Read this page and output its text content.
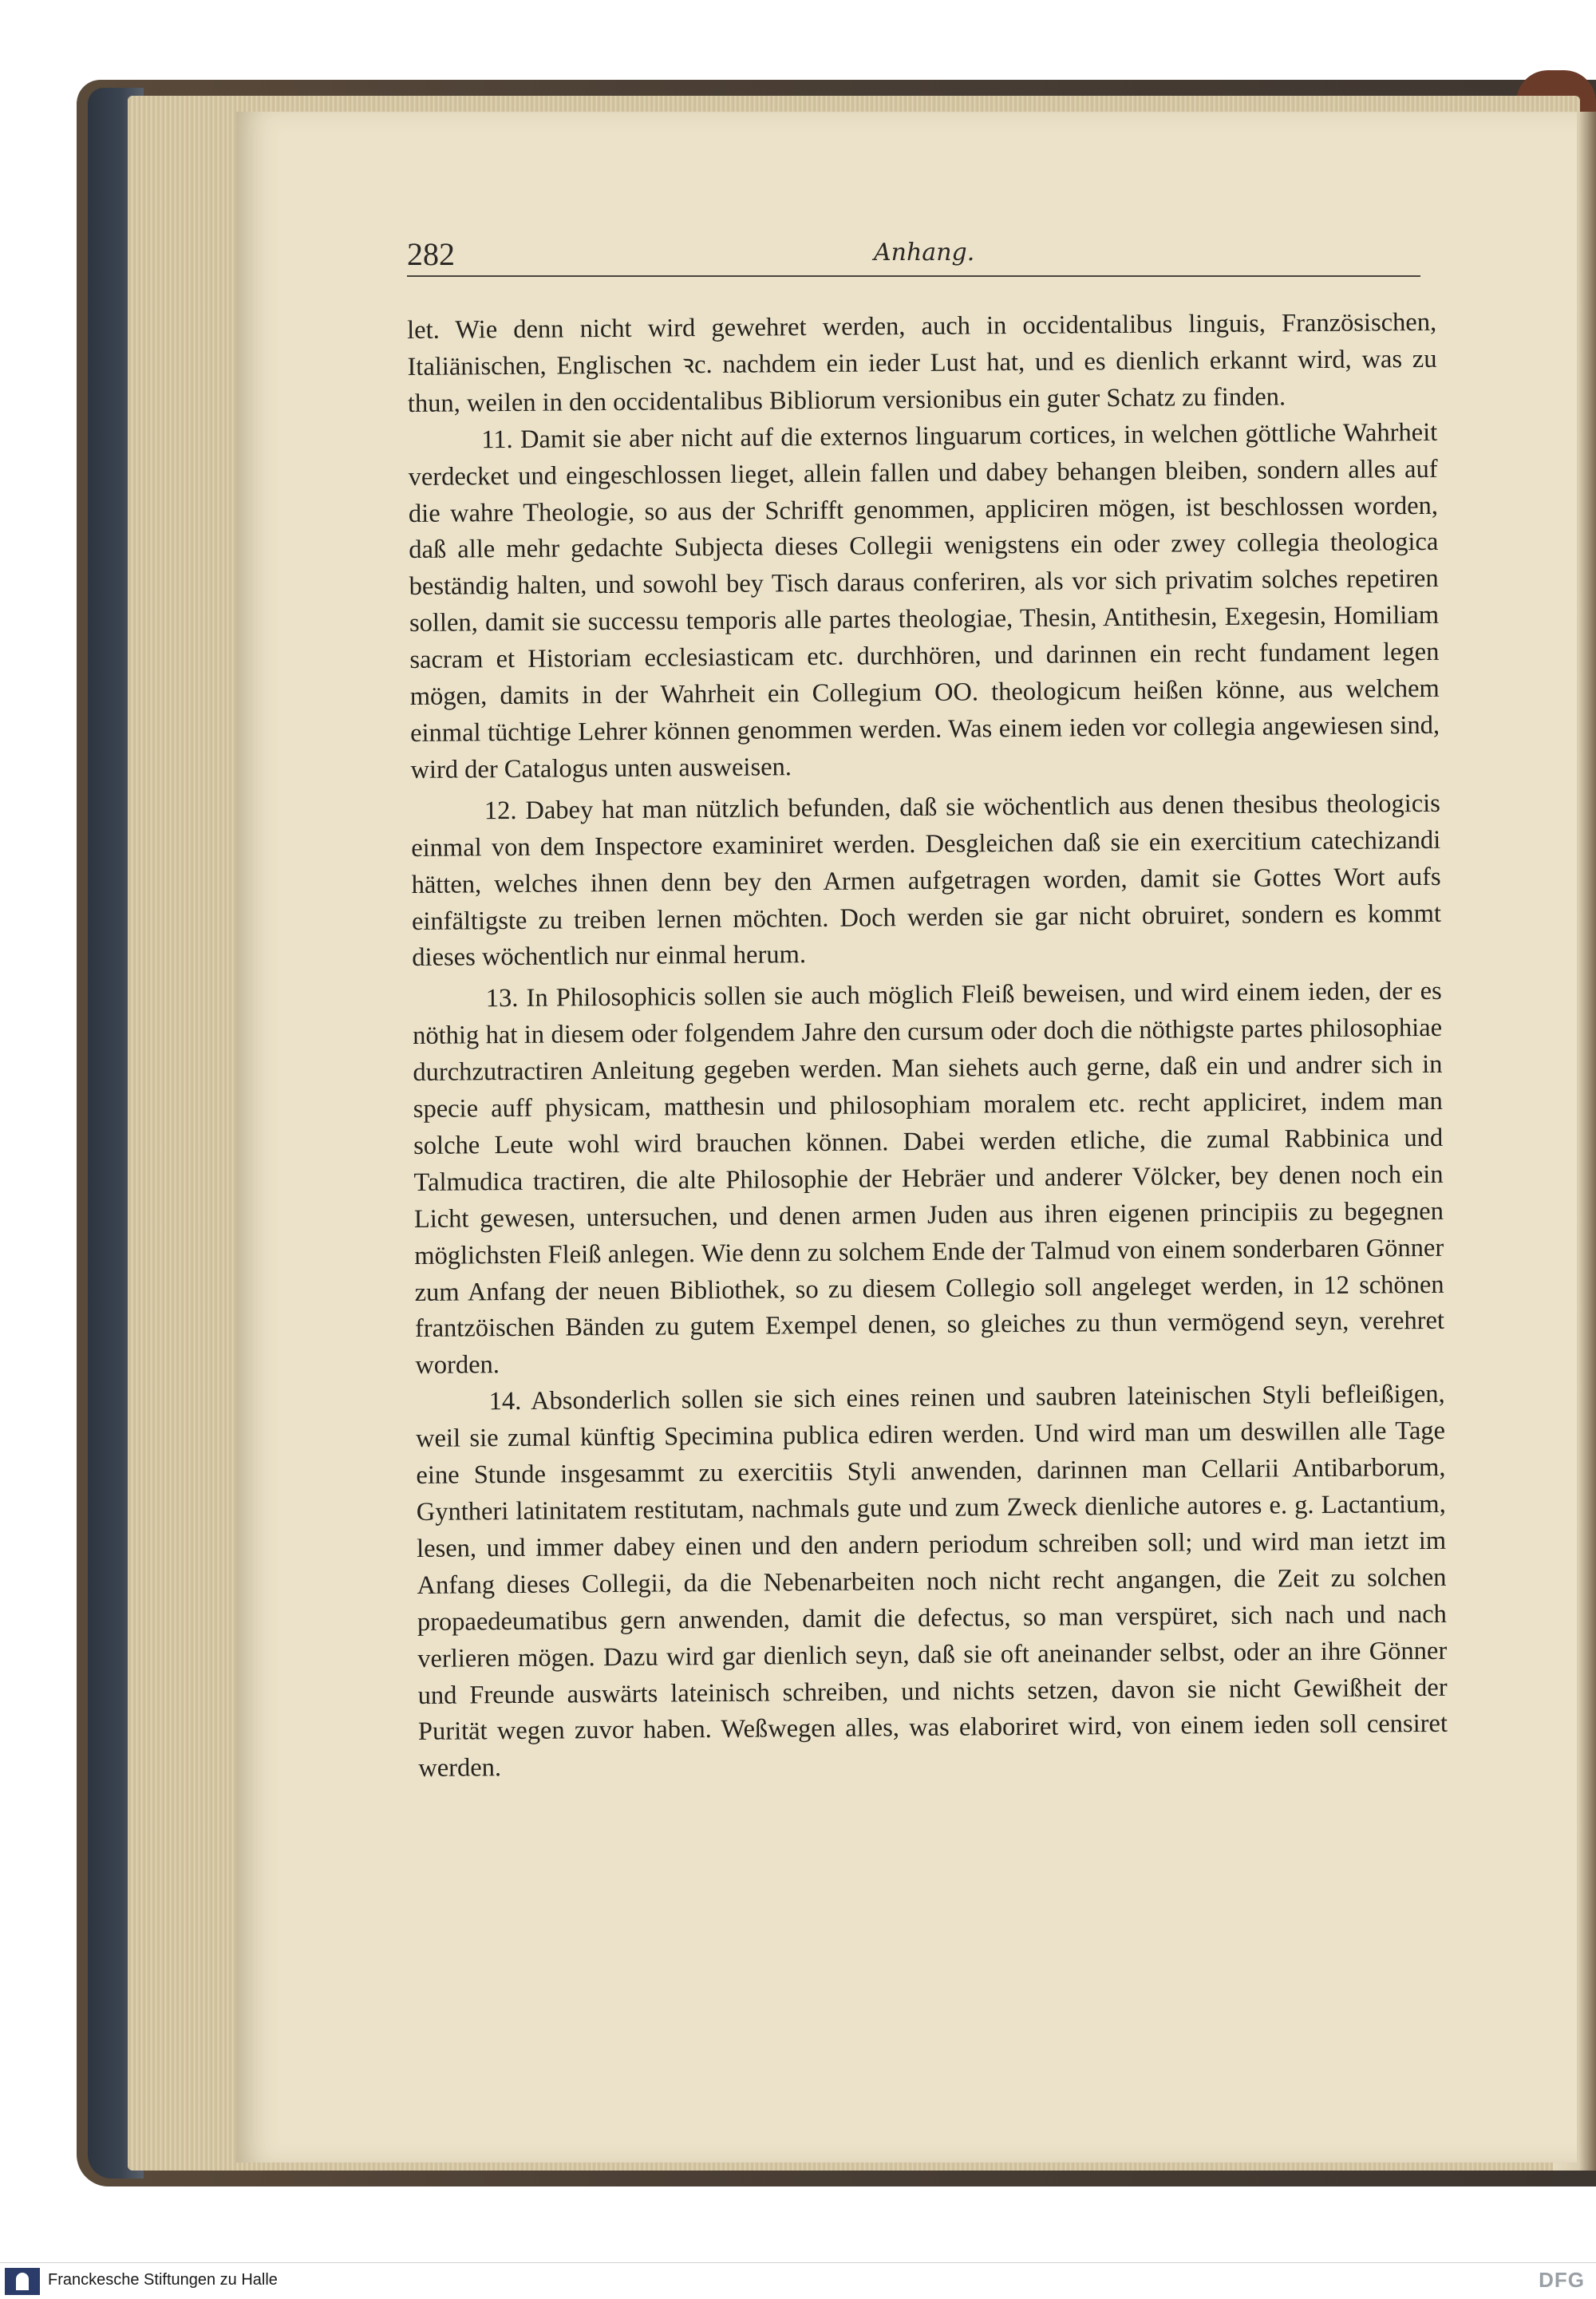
282	Anhang.

let. Wie denn nicht wird gewehret werden, auch in occidentalibus linguis, Französischen, Italiänischen, Englischen ꝛc. nachdem ein ieder Lust hat, und es dienlich erkannt wird, was zu thun, weilen in den occidentalibus Bibliorum versionibus ein guter Schatz zu finden.

11. Damit sie aber nicht auf die externos linguarum cortices, in welchen göttliche Wahrheit verdecket und eingeschlossen lieget, allein fallen und dabey behangen bleiben, sondern alles auf die wahre Theologie, so aus der Schrifft genommen, appliciren mögen, ist beschlossen worden, daß alle mehr gedachte Subjecta dieses Collegii wenigstens ein oder zwey collegia theologica beständig halten, und sowohl bey Tisch daraus conferiren, als vor sich privatim solches repetiren sollen, damit sie successu temporis alle partes theologiae, Thesin, Antithesin, Exegesin, Homiliam sacram et Historiam ecclesiasticam etc. durchhören, und darinnen ein recht fundament legen mögen, damits in der Wahrheit ein Collegium OO. theologicum heißen könne, aus welchem einmal tüchtige Lehrer können genommen werden. Was einem ieden vor collegia angewiesen sind, wird der Catalogus unten ausweisen.

12. Dabey hat man nützlich befunden, daß sie wöchentlich aus denen thesibus theologicis einmal von dem Inspectore examiniret werden. Desgleichen daß sie ein exercitium catechizandi hätten, welches ihnen denn bey den Armen aufgetragen worden, damit sie Gottes Wort aufs einfältigste zu treiben lernen möchten. Doch werden sie gar nicht obruiret, sondern es kommt dieses wöchentlich nur einmal herum.

13. In Philosophicis sollen sie auch möglich Fleiß beweisen, und wird einem ieden, der es nöthig hat in diesem oder folgendem Jahre den cursum oder doch die nöthigste partes philosophiae durchzutractiren Anleitung gegeben werden. Man siehets auch gerne, daß ein und andrer sich in specie auff physicam, matthesin und philosophiam moralem etc. recht appliciret, indem man solche Leute wohl wird brauchen können. Dabei werden etliche, die zumal Rabbinica und Talmudica tractiren, die alte Philosophie der Hebräer und anderer Völcker, bey denen noch ein Licht gewesen, untersuchen, und denen armen Juden aus ihren eigenen principiis zu begegnen möglichsten Fleiß anlegen. Wie denn zu solchem Ende der Talmud von einem sonderbaren Gönner zum Anfang der neuen Bibliothek, so zu diesem Collegio soll angeleget werden, in 12 schönen frantzöischen Bänden zu gutem Exempel denen, so gleiches zu thun vermögend seyn, verehret worden.

14. Absonderlich sollen sie sich eines reinen und saubren lateinischen Styli befleißigen, weil sie zumal künftig Specimina publica ediren werden. Und wird man um deswillen alle Tage eine Stunde insgesammt zu exercitiis Styli anwenden, darinnen man Cellarii Antibarborum, Gyntheri latinitatem restitutam, nachmals gute und zum Zweck dienliche autores e. g. Lactantium, lesen, und immer dabey einen und den andern periodum schreiben soll; und wird man ietzt im Anfang dieses Collegii, da die Nebenarbeiten noch nicht recht angangen, die Zeit zu solchen propaedeumatibus gern anwenden, damit die defectus, so man verspüret, sich nach und nach verlieren mögen. Dazu wird gar dienlich seyn, daß sie oft aneinander selbst, oder an ihre Gönner und Freunde auswärts lateinisch schreiben, und nichts setzen, davon sie nicht Gewißheit der Purität wegen zuvor haben. Weßwegen alles, was elaboriret wird, von einem ieden soll censiret werden.

Franckesche Stiftungen zu Halle	DFG
